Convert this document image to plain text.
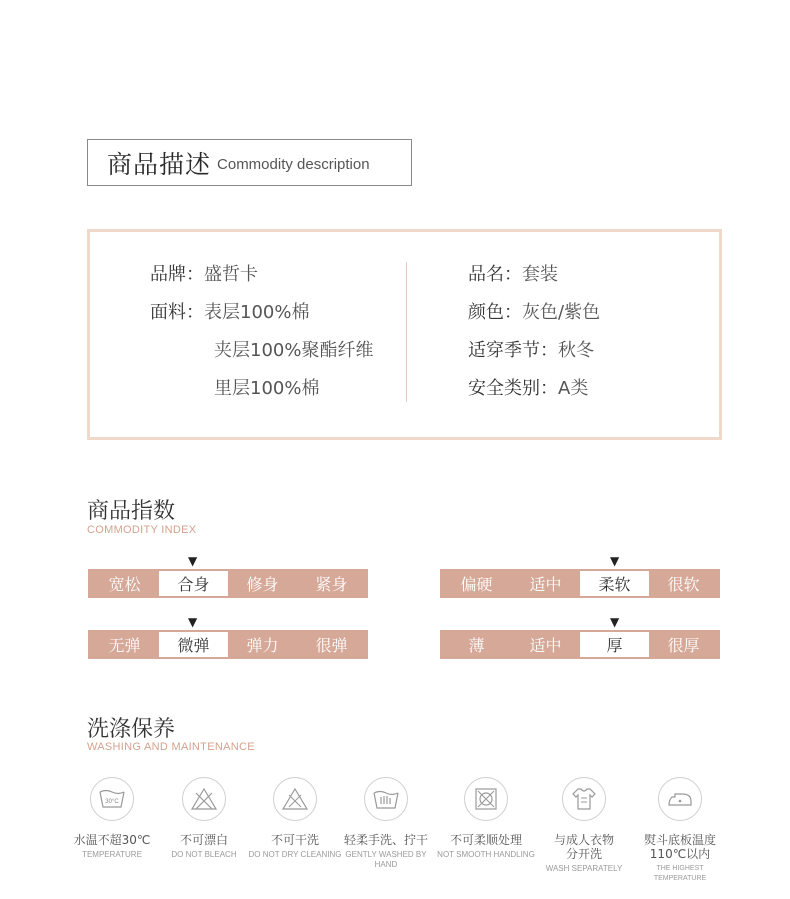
商品描述 Commodity description
品牌：盛哲卡
面料：表层100%棉
夹层100%聚酯纤维
里层100%棉
品名：套装
颜色：灰色/紫色
适穿季节：秋冬
安全类别：A类
商品指数
COMMODITY INDEX
▼
宽松	合身	修身	紧身
▼
偏硬	适中	柔软	很软
▼
无弹	微弹	弹力	很弹
▼
薄	适中	厚	很厚
洗涤保养
WASHING AND MAINTENANCE
30°C
水温不超30℃
TEMPERATURE
不可漂白
DO NOT BLEACH
不可干洗
DO NOT DRY CLEANING
轻柔手洗、拧干
GENTLY WASHED BY HAND
不可柔顺处理
NOT SMOOTH HANDLING
与成人衣物分开洗
WASH SEPARATELY
熨斗底板温度110℃以内
THE HIGHEST TEMPERATURE
